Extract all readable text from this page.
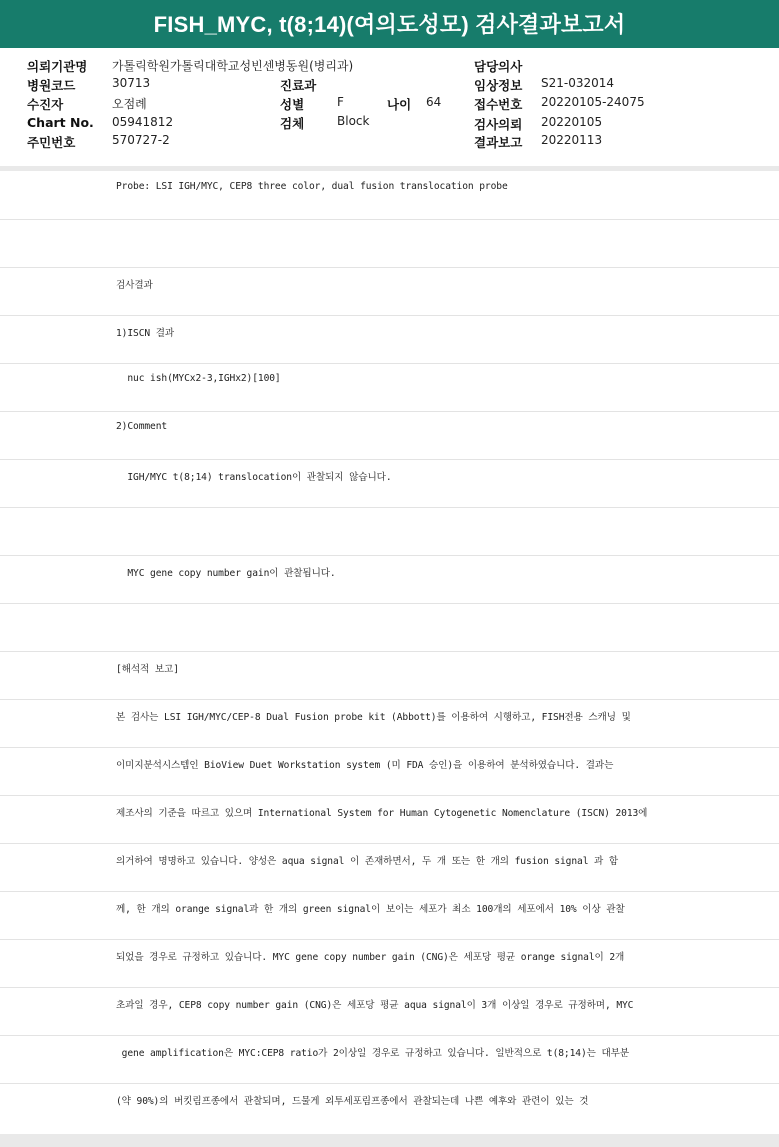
FISH_MYC, t(8;14)(여의도성모) 검사결과보고서
의뢰기관명 가톨릭학원가톨릭대학교성빈센병동원(병리과)
병원코드	30713
수진자	오점례
Chart No. 05941812
주민번호	570727-2
진료과
성별	F	나이 64
검체	Block
담당의사
임상정보 S21-032014
접수번호 20220105-24075
검사의뢰 20220105
결과보고 20220113
Probe: LSI IGH/MYC, CEP8 three color, dual fusion translocation probe
검사결과
1)ISCN 결과
nuc ish(MYCx2-3,IGHx2)[100]
2)Comment
IGH/MYC t(8;14) translocation이 관찰되지 않습니다.
MYC gene copy number gain이 관찰됩니다.
[해석적 보고]
본 검사는 LSI IGH/MYC/CEP-8 Dual Fusion probe kit (Abbott)를 이용하여 시행하고, FISH전용 스캐닝 및
이미지분석시스템인 BioView Duet Workstation system (미 FDA 승인)을 이용하여 분석하였습니다. 결과는
제조사의 기준을 따르고 있으며 International System for Human Cytogenetic Nomenclature (ISCN) 2013에
의거하여 명명하고 있습니다. 양성은 aqua signal 이 존재하면서, 두 개 또는 한 개의 fusion signal 과 함
께, 한 개의 orange signal과 한 개의 green signal이 보이는 세포가 최소 100개의 세포에서 10% 이상 관찰
되었을 경우로 규정하고 있습니다. MYC gene copy number gain (CNG)은 세포당 평균 orange signal이 2개
초과일 경우, CEP8 copy number gain (CNG)은 세포당 평균 aqua signal이 3개 이상일 경우로 규정하며, MYC
gene amplification은 MYC:CEP8 ratio가 2이상일 경우로 규정하고 있습니다. 일반적으로 t(8;14)는 대부분
(약 90%)의 버킷림프종에서 관찰되며, 드물게 외투세포림프종에서 관찰되는데 나쁜 예후와 관련이 있는 것
